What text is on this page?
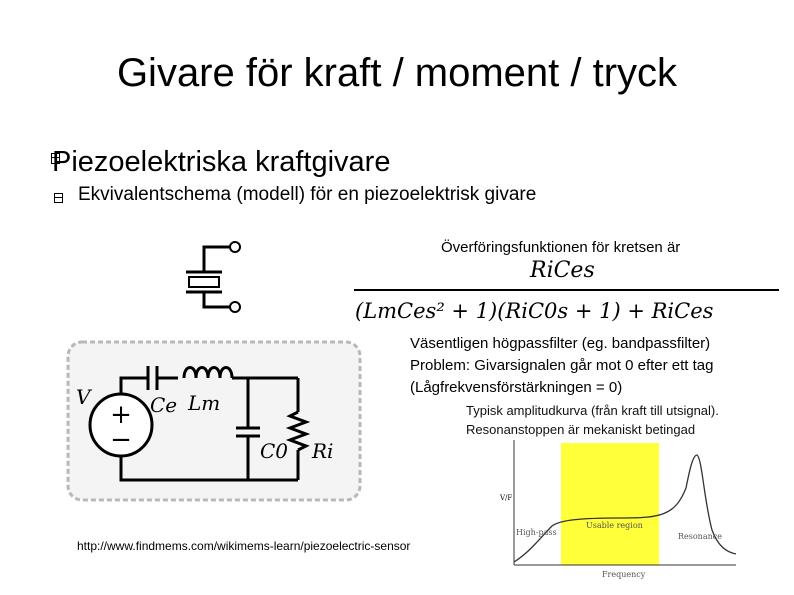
Givare för kraft / moment / tryck
Piezoelektriska kraftgivare
Ekvivalentschema (modell) för en piezoelektrisk givare
+
−
V	Ce Lm
C0 Ri
Överföringsfunktionen för kretsen är
RiCes
(LmCes² + 1)(RiC0s + 1) + RiCes
Väsentligen högpassfilter (eg. bandpassfilter)
Problem: Givarsignalen går mot 0 efter ett tag
(Lågfrekvensförstärkningen = 0)
Typisk amplitudkurva (från kraft till utsignal).
Resonanstoppen är mekaniskt betingad
V/F
High-pass
Usable region
Resonance
Frequency
http://www.findmems.com/wikimems-learn/piezoelectric-sensor
